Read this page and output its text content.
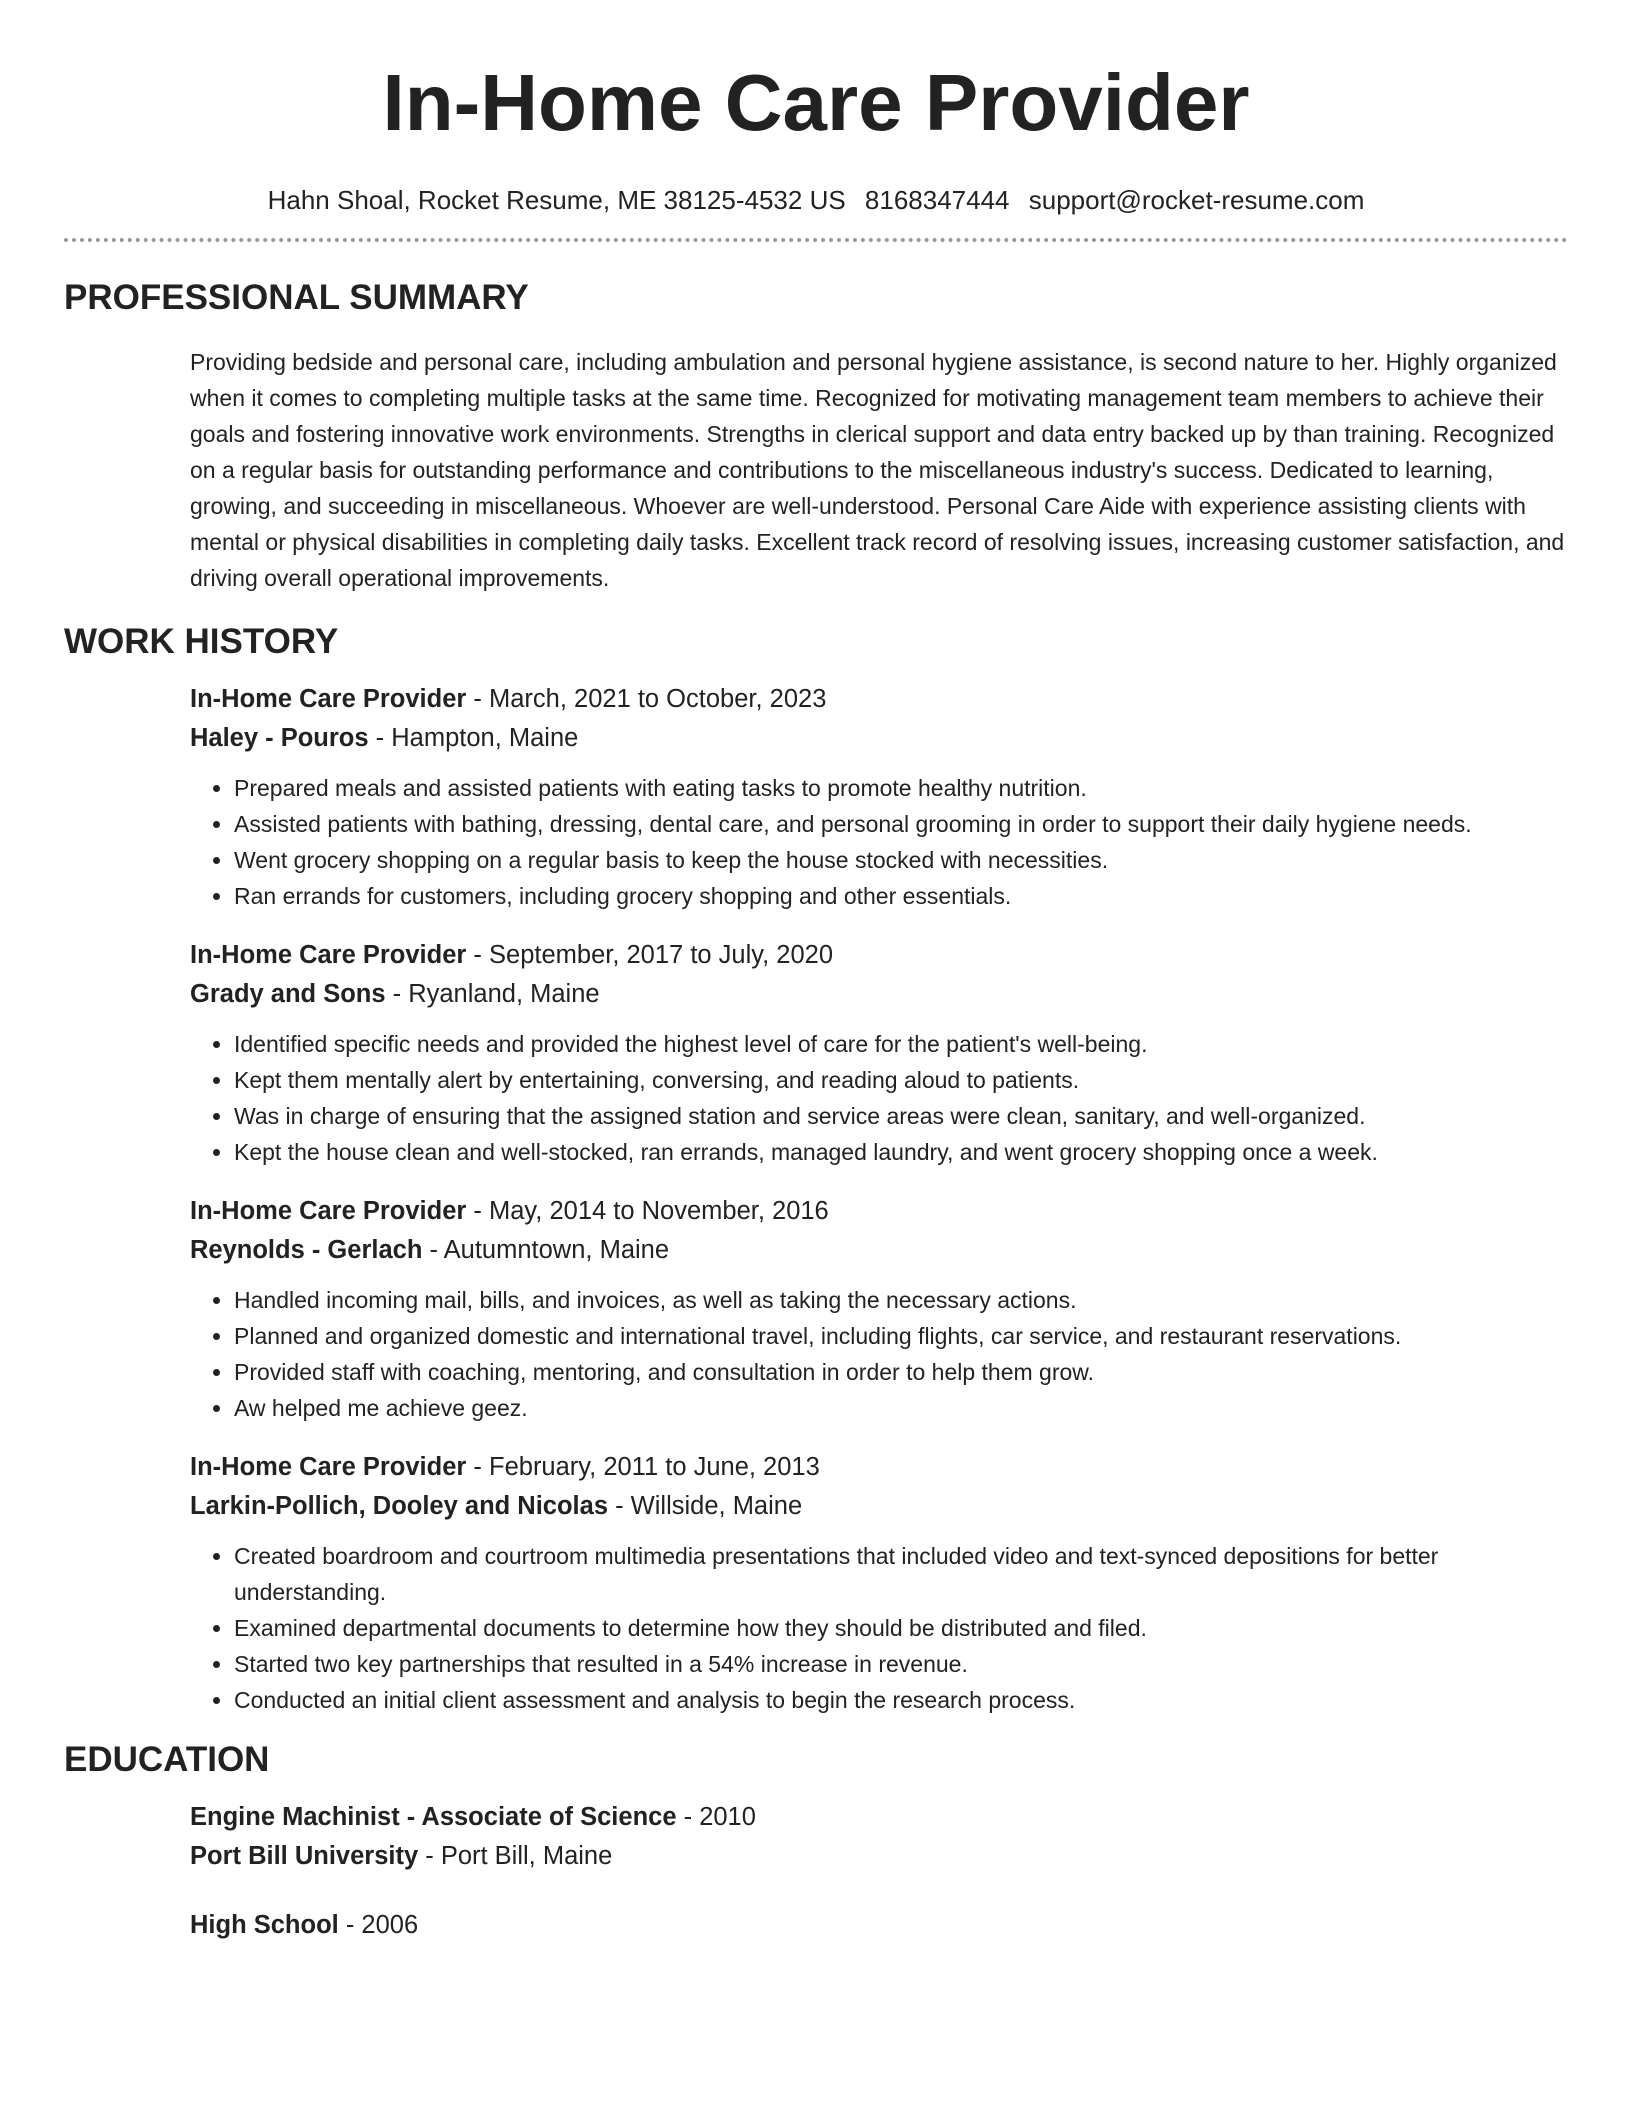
In-Home Care Provider
Hahn Shoal, Rocket Resume, ME 38125-4532 US 8168347444 support@rocket-resume.com
PROFESSIONAL SUMMARY

Providing bedside and personal care, including ambulation and personal hygiene assistance, is second nature to her. Highly organized when it comes to completing multiple tasks at the same time. Recognized for motivating management team members to achieve their goals and fostering innovative work environments. Strengths in clerical support and data entry backed up by than training. Recognized on a regular basis for outstanding performance and contributions to the miscellaneous industry's success. Dedicated to learning, growing, and succeeding in miscellaneous. Whoever are well-understood. Personal Care Aide with experience assisting clients with mental or physical disabilities in completing daily tasks. Excellent track record of resolving issues, increasing customer satisfaction, and driving overall operational improvements.

WORK HISTORY
In-Home Care Provider - March, 2021 to October, 2023
Haley - Pouros - Hampton, Maine
• Prepared meals and assisted patients with eating tasks to promote healthy nutrition.
• Assisted patients with bathing, dressing, dental care, and personal grooming in order to support their daily hygiene needs.
• Went grocery shopping on a regular basis to keep the house stocked with necessities.
• Ran errands for customers, including grocery shopping and other essentials.
In-Home Care Provider - September, 2017 to July, 2020
Grady and Sons - Ryanland, Maine
• Identified specific needs and provided the highest level of care for the patient's well-being.
• Kept them mentally alert by entertaining, conversing, and reading aloud to patients.
• Was in charge of ensuring that the assigned station and service areas were clean, sanitary, and well-organized.
• Kept the house clean and well-stocked, ran errands, managed laundry, and went grocery shopping once a week.
In-Home Care Provider - May, 2014 to November, 2016
Reynolds - Gerlach - Autumntown, Maine
• Handled incoming mail, bills, and invoices, as well as taking the necessary actions.
• Planned and organized domestic and international travel, including flights, car service, and restaurant reservations.
• Provided staff with coaching, mentoring, and consultation in order to help them grow.
• Aw helped me achieve geez.
In-Home Care Provider - February, 2011 to June, 2013
Larkin-Pollich, Dooley and Nicolas - Willside, Maine
• Created boardroom and courtroom multimedia presentations that included video and text-synced depositions for better understanding.
• Examined departmental documents to determine how they should be distributed and filed.
• Started two key partnerships that resulted in a 54% increase in revenue.
• Conducted an initial client assessment and analysis to begin the research process.
EDUCATION
Engine Machinist - Associate of Science - 2010
Port Bill University - Port Bill, Maine
High School - 2006
